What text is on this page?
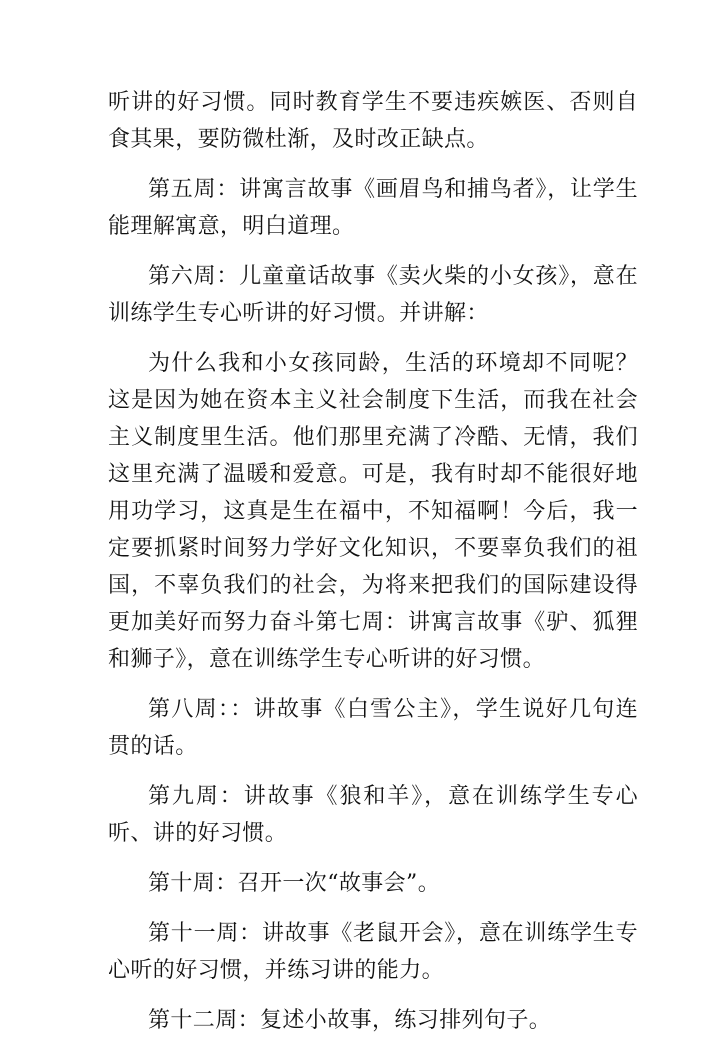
听讲的好习惯。同时教育学生不要违疾嫉医、否则自食其果，要防微杜渐，及时改正缺点。

第五周：讲寓言故事《画眉鸟和捕鸟者》，让学生能理解寓意，明白道理。

第六周：儿童童话故事《卖火柴的小女孩》，意在训练学生专心听讲的好习惯。并讲解：

为什么我和小女孩同龄，生活的环境却不同呢？这是因为她在资本主义社会制度下生活，而我在社会主义制度里生活。他们那里充满了冷酷、无情，我们这里充满了温暖和爱意。可是，我有时却不能很好地用功学习，这真是生在福中，不知福啊！今后，我一定要抓紧时间努力学好文化知识，不要辜负我们的祖国，不辜负我们的社会，为将来把我们的国际建设得更加美好而努力奋斗第七周：讲寓言故事《驴、狐狸和狮子》，意在训练学生专心听讲的好习惯。

第八周：：讲故事《白雪公主》，学生说好几句连贯的话。

第九周：讲故事《狼和羊》，意在训练学生专心听、讲的好习惯。

第十周：召开一次“故事会”。

第十一周：讲故事《老鼠开会》，意在训练学生专心听的好习惯，并练习讲的能力。

第十二周：复述小故事，练习排列句子。
